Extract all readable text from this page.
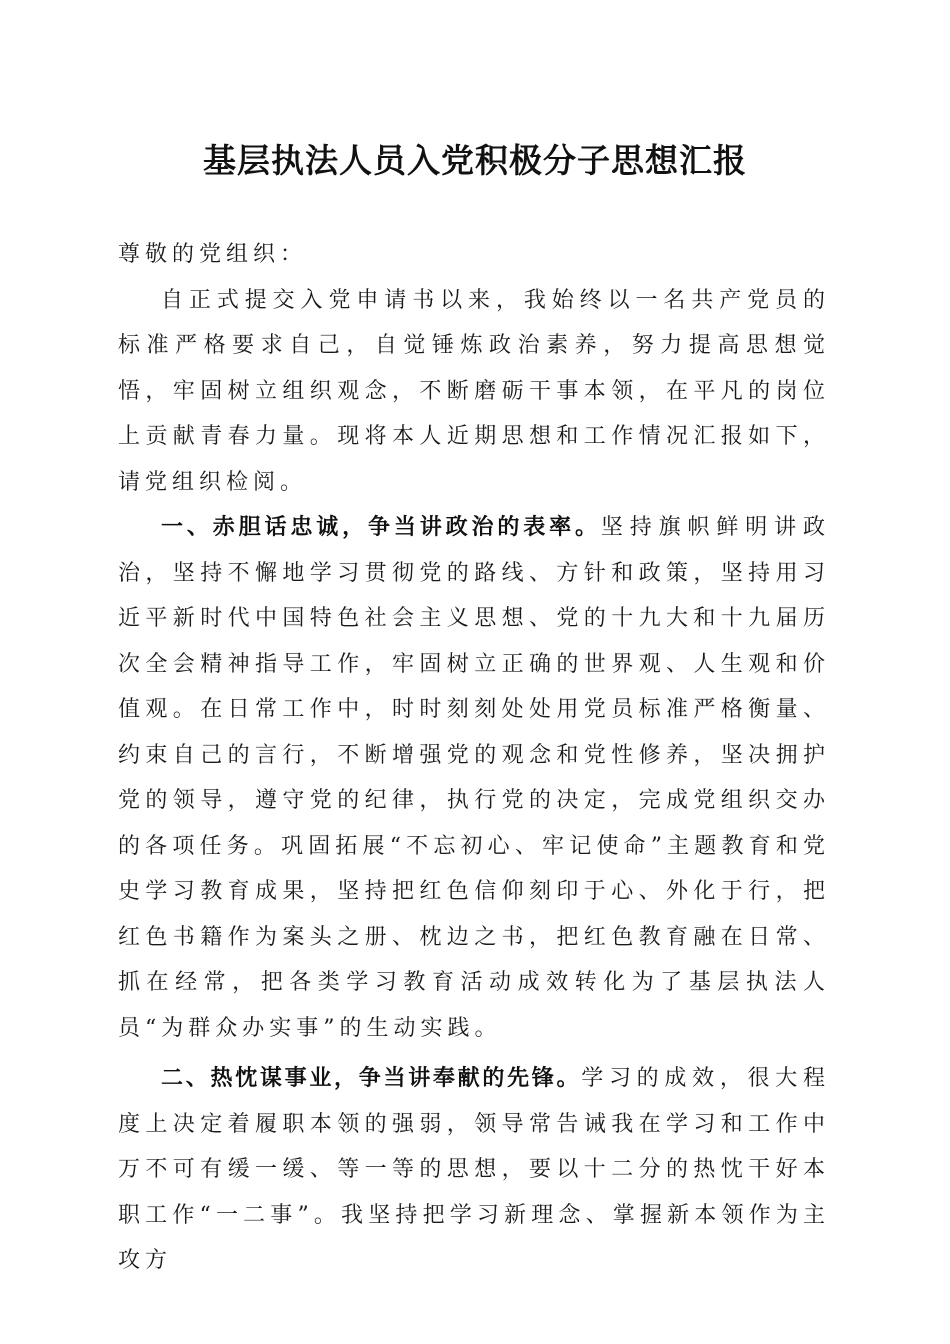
基层执法人员入党积极分子思想汇报

尊敬的党组织：

自正式提交入党申请书以来，我始终以一名共产党员的标准严格要求自己，自觉锤炼政治素养，努力提高思想觉悟，牢固树立组织观念，不断磨砺干事本领，在平凡的岗位上贡献青春力量。现将本人近期思想和工作情况汇报如下，请党组织检阅。

一、赤胆话忠诚，争当讲政治的表率。坚持旗帜鲜明讲政治，坚持不懈地学习贯彻党的路线、方针和政策，坚持用习近平新时代中国特色社会主义思想、党的十九大和十九届历次全会精神指导工作，牢固树立正确的世界观、人生观和价值观。在日常工作中，时时刻刻处处用党员标准严格衡量、约束自己的言行，不断增强党的观念和党性修养，坚决拥护党的领导，遵守党的纪律，执行党的决定，完成党组织交办的各项任务。巩固拓展“不忘初心、牢记使命”主题教育和党史学习教育成果，坚持把红色信仰刻印于心、外化于行，把红色书籍作为案头之册、枕边之书，把红色教育融在日常、抓在经常，把各类学习教育活动成效转化为了基层执法人员“为群众办实事”的生动实践。

二、热忱谋事业，争当讲奉献的先锋。学习的成效，很大程度上决定着履职本领的强弱，领导常告诫我在学习和工作中万不可有缓一缓、等一等的思想，要以十二分的热忱干好本职工作“一二事”。我坚持把学习新理念、掌握新本领作为主攻方
